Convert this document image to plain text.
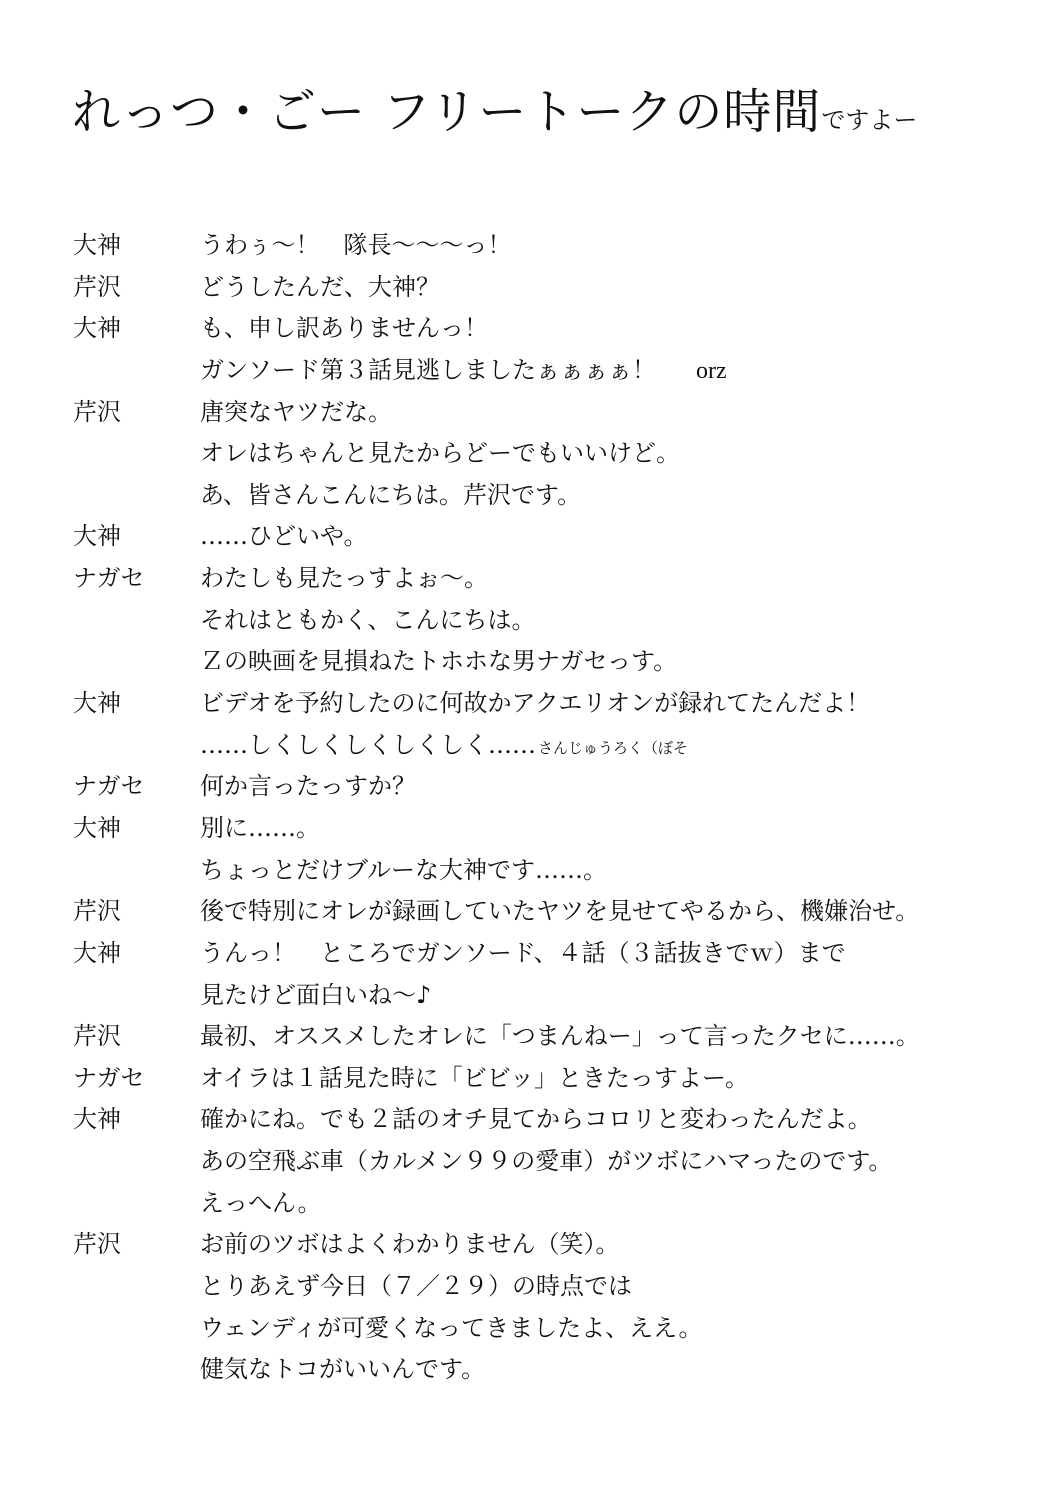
れっつ・ごー フリートークの時間ですよー
大神	うわぅ～！　隊長～～～っ！
芹沢	どうしたんだ、大神？
大神	も、申し訳ありませんっ！
ガンソード第３話見逃しましたぁぁぁぁ！ orz
芹沢	唐突なヤツだな。
オレはちゃんと見たからどーでもいいけど。
あ、皆さんこんにちは。芹沢です。
大神	……ひどいや。
ナガセ わたしも見たっすよぉ～。
それはともかく、こんにちは。
Ｚの映画を見損ねたトホホな男ナガセっす。
大神	ビデオを予約したのに何故かアクエリオンが録れてたんだよ！
……しくしくしくしくしく…… さんじゅうろく（ぼそ
ナガセ 何か言ったっすか？
大神	別に……。
ちょっとだけブルーな大神です……。
芹沢	後で特別にオレが録画していたヤツを見せてやるから、機嫌治せ。
大神	うんっ！　ところでガンソード、４話（３話抜きでｗ）まで
見たけど面白いね～♪
芹沢	最初、オススメしたオレに「つまんねー」って言ったクセに……。
ナガセ オイラは１話見た時に「ビビッ」ときたっすよー。
大神	確かにね。でも２話のオチ見てからコロリと変わったんだよ。
あの空飛ぶ車（カルメン９９の愛車）がツボにハマったのです。
えっへん。
芹沢	お前のツボはよくわかりません（笑）。
とりあえず今日（７／２９）の時点では
ウェンディが可愛くなってきましたよ、ええ。
健気なトコがいいんです。
